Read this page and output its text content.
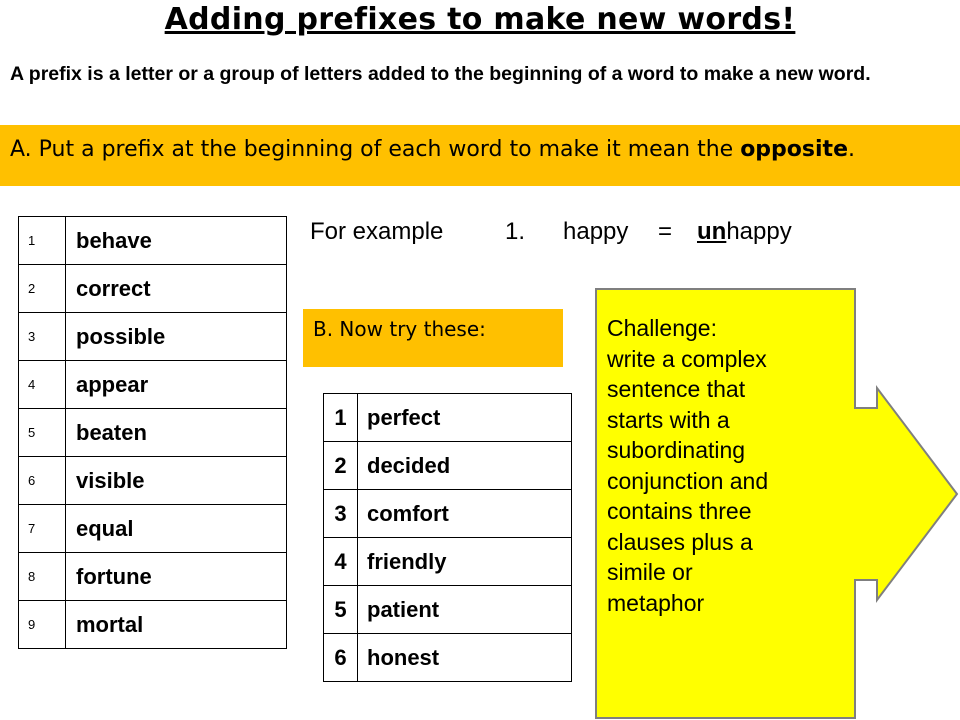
Adding prefixes to make new words!
A prefix is a letter or a group of letters added to the beginning of a word to make a new word.
A. Put a prefix at the beginning of each word to make it mean the opposite.
1	behave
2	correct
3	possible
4	appear
5	beaten
6	visible
7	equal
8	fortune
9	mortal
For example	1. happy = unhappy
B. Now try these:
1	perfect
2	decided
3	comfort
4	friendly
5	patient
6	honest
Challenge:
write a complex
sentence that
starts with a
subordinating
conjunction and
contains three
clauses plus a
simile or
metaphor
